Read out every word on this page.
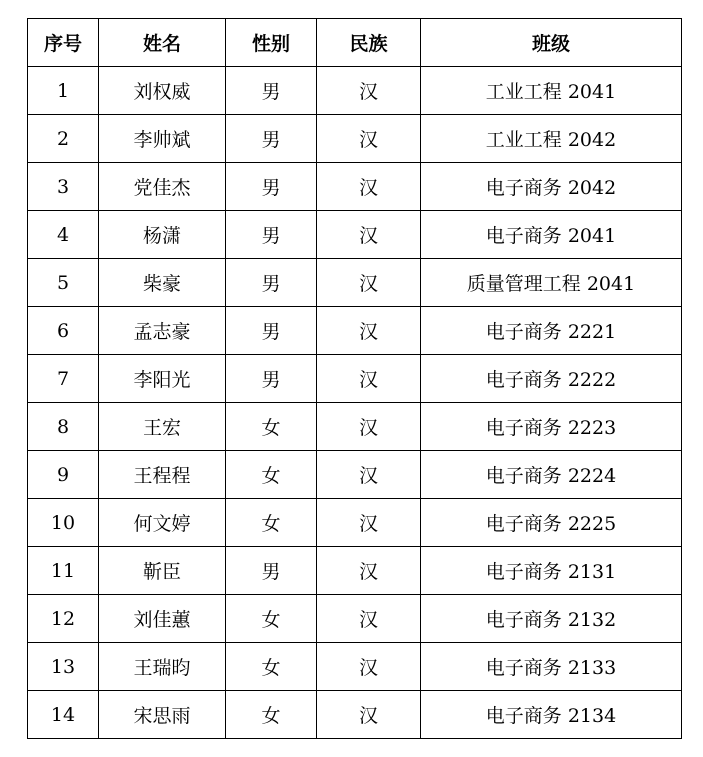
序号	姓名	性别	民族	班级
1	刘权威	男	汉	工业工程 2041
2	李帅斌	男	汉	工业工程 2042
3	党佳杰	男	汉	电子商务 2042
4	杨潇	男	汉	电子商务 2041
5	柴豪	男	汉	质量管理工程 2041
6	孟志豪	男	汉	电子商务 2221
7	李阳光	男	汉	电子商务 2222
8	王宏	女	汉	电子商务 2223
9	王程程	女	汉	电子商务 2224
10	何文婷	女	汉	电子商务 2225
11	靳臣	男	汉	电子商务 2131
12	刘佳蕙	女	汉	电子商务 2132
13	王瑞昀	女	汉	电子商务 2133
14	宋思雨	女	汉	电子商务 2134
